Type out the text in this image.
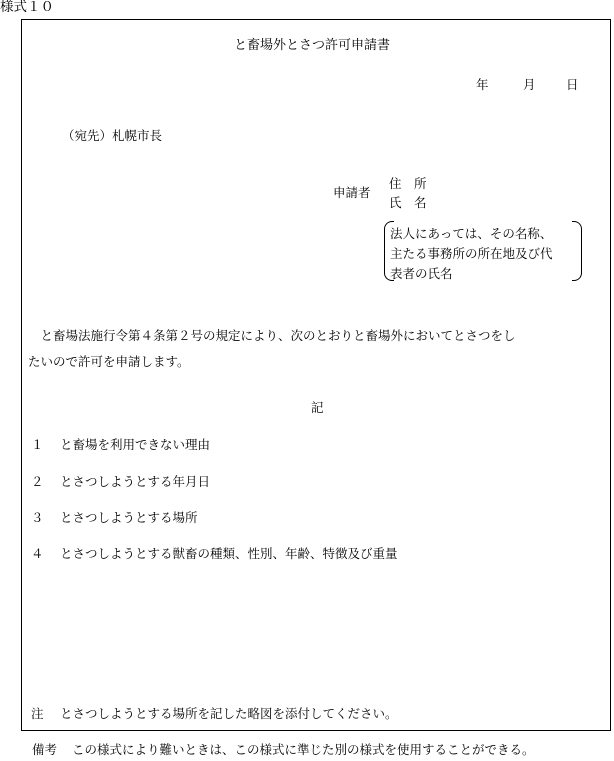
様式１０
と畜場外とさつ許可申請書
年	月 日
（宛先）札幌市長
申請者
住　所
氏　名
法人にあっては、その名称、
主たる事務所の所在地及び代
表者の氏名
　と畜場法施行令第４条第２号の規定により、次のとおりと畜場外においてとさつをし
たいので許可を申請します。
記
１ と畜場を利用できない理由
２ とさつしようとする年月日
３ とさつしようとする場所
４ とさつしようとする獣畜の種類、性別、年齢、特徴及び重量
注 とさつしようとする場所を記した略図を添付してください。
備考 この様式により難いときは、この様式に準じた別の様式を使用することができる。
